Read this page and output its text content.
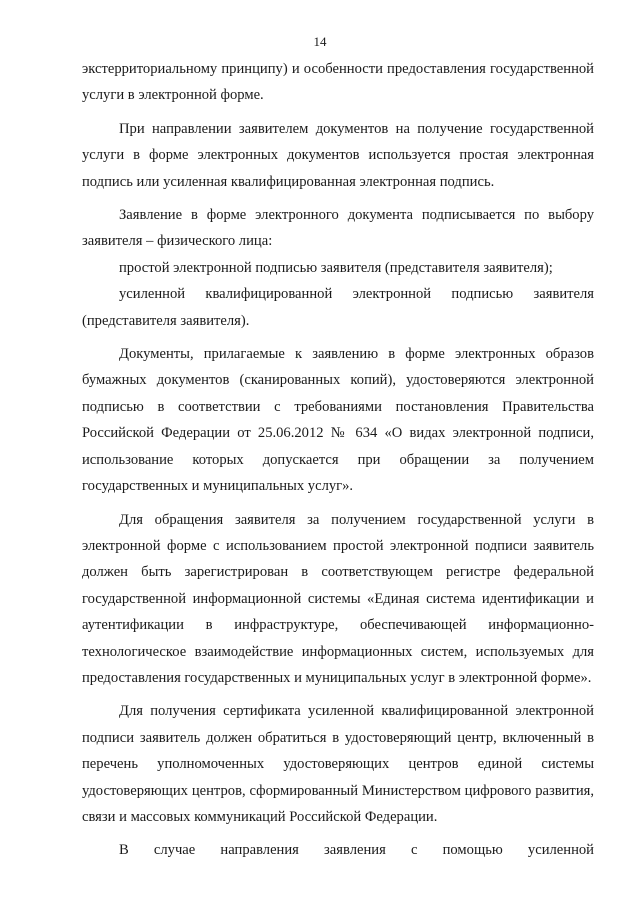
14

экстерриториальному принципу) и особенности предоставления государственной услуги в электронной форме.

При направлении заявителем документов на получение государственной услуги в форме электронных документов используется простая электронная подпись или усиленная квалифицированная электронная подпись.

Заявление в форме электронного документа подписывается по выбору заявителя – физического лица:

простой электронной подписью заявителя (представителя заявителя);

усиленной квалифицированной электронной подписью заявителя (представителя заявителя).

Документы, прилагаемые к заявлению в форме электронных образов бумажных документов (сканированных копий), удостоверяются электронной подписью в соответствии с требованиями постановления Правительства Российской Федерации от 25.06.2012 № 634 «О видах электронной подписи, использование которых допускается при обращении за получением государственных и муниципальных услуг».

Для обращения заявителя за получением государственной услуги в электронной форме с использованием простой электронной подписи заявитель должен быть зарегистрирован в соответствующем регистре федеральной государственной информационной системы «Единая система идентификации и аутентификации в инфраструктуре, обеспечивающей информационно-технологическое взаимодействие информационных систем, используемых для предоставления государственных и муниципальных услуг в электронной форме».

Для получения сертификата усиленной квалифицированной электронной подписи заявитель должен обратиться в удостоверяющий центр, включенный в перечень уполномоченных удостоверяющих центров единой системы удостоверяющих центров, сформированный Министерством цифрового развития, связи и массовых коммуникаций Российской Федерации.

В случае направления заявления с помощью усиленной
